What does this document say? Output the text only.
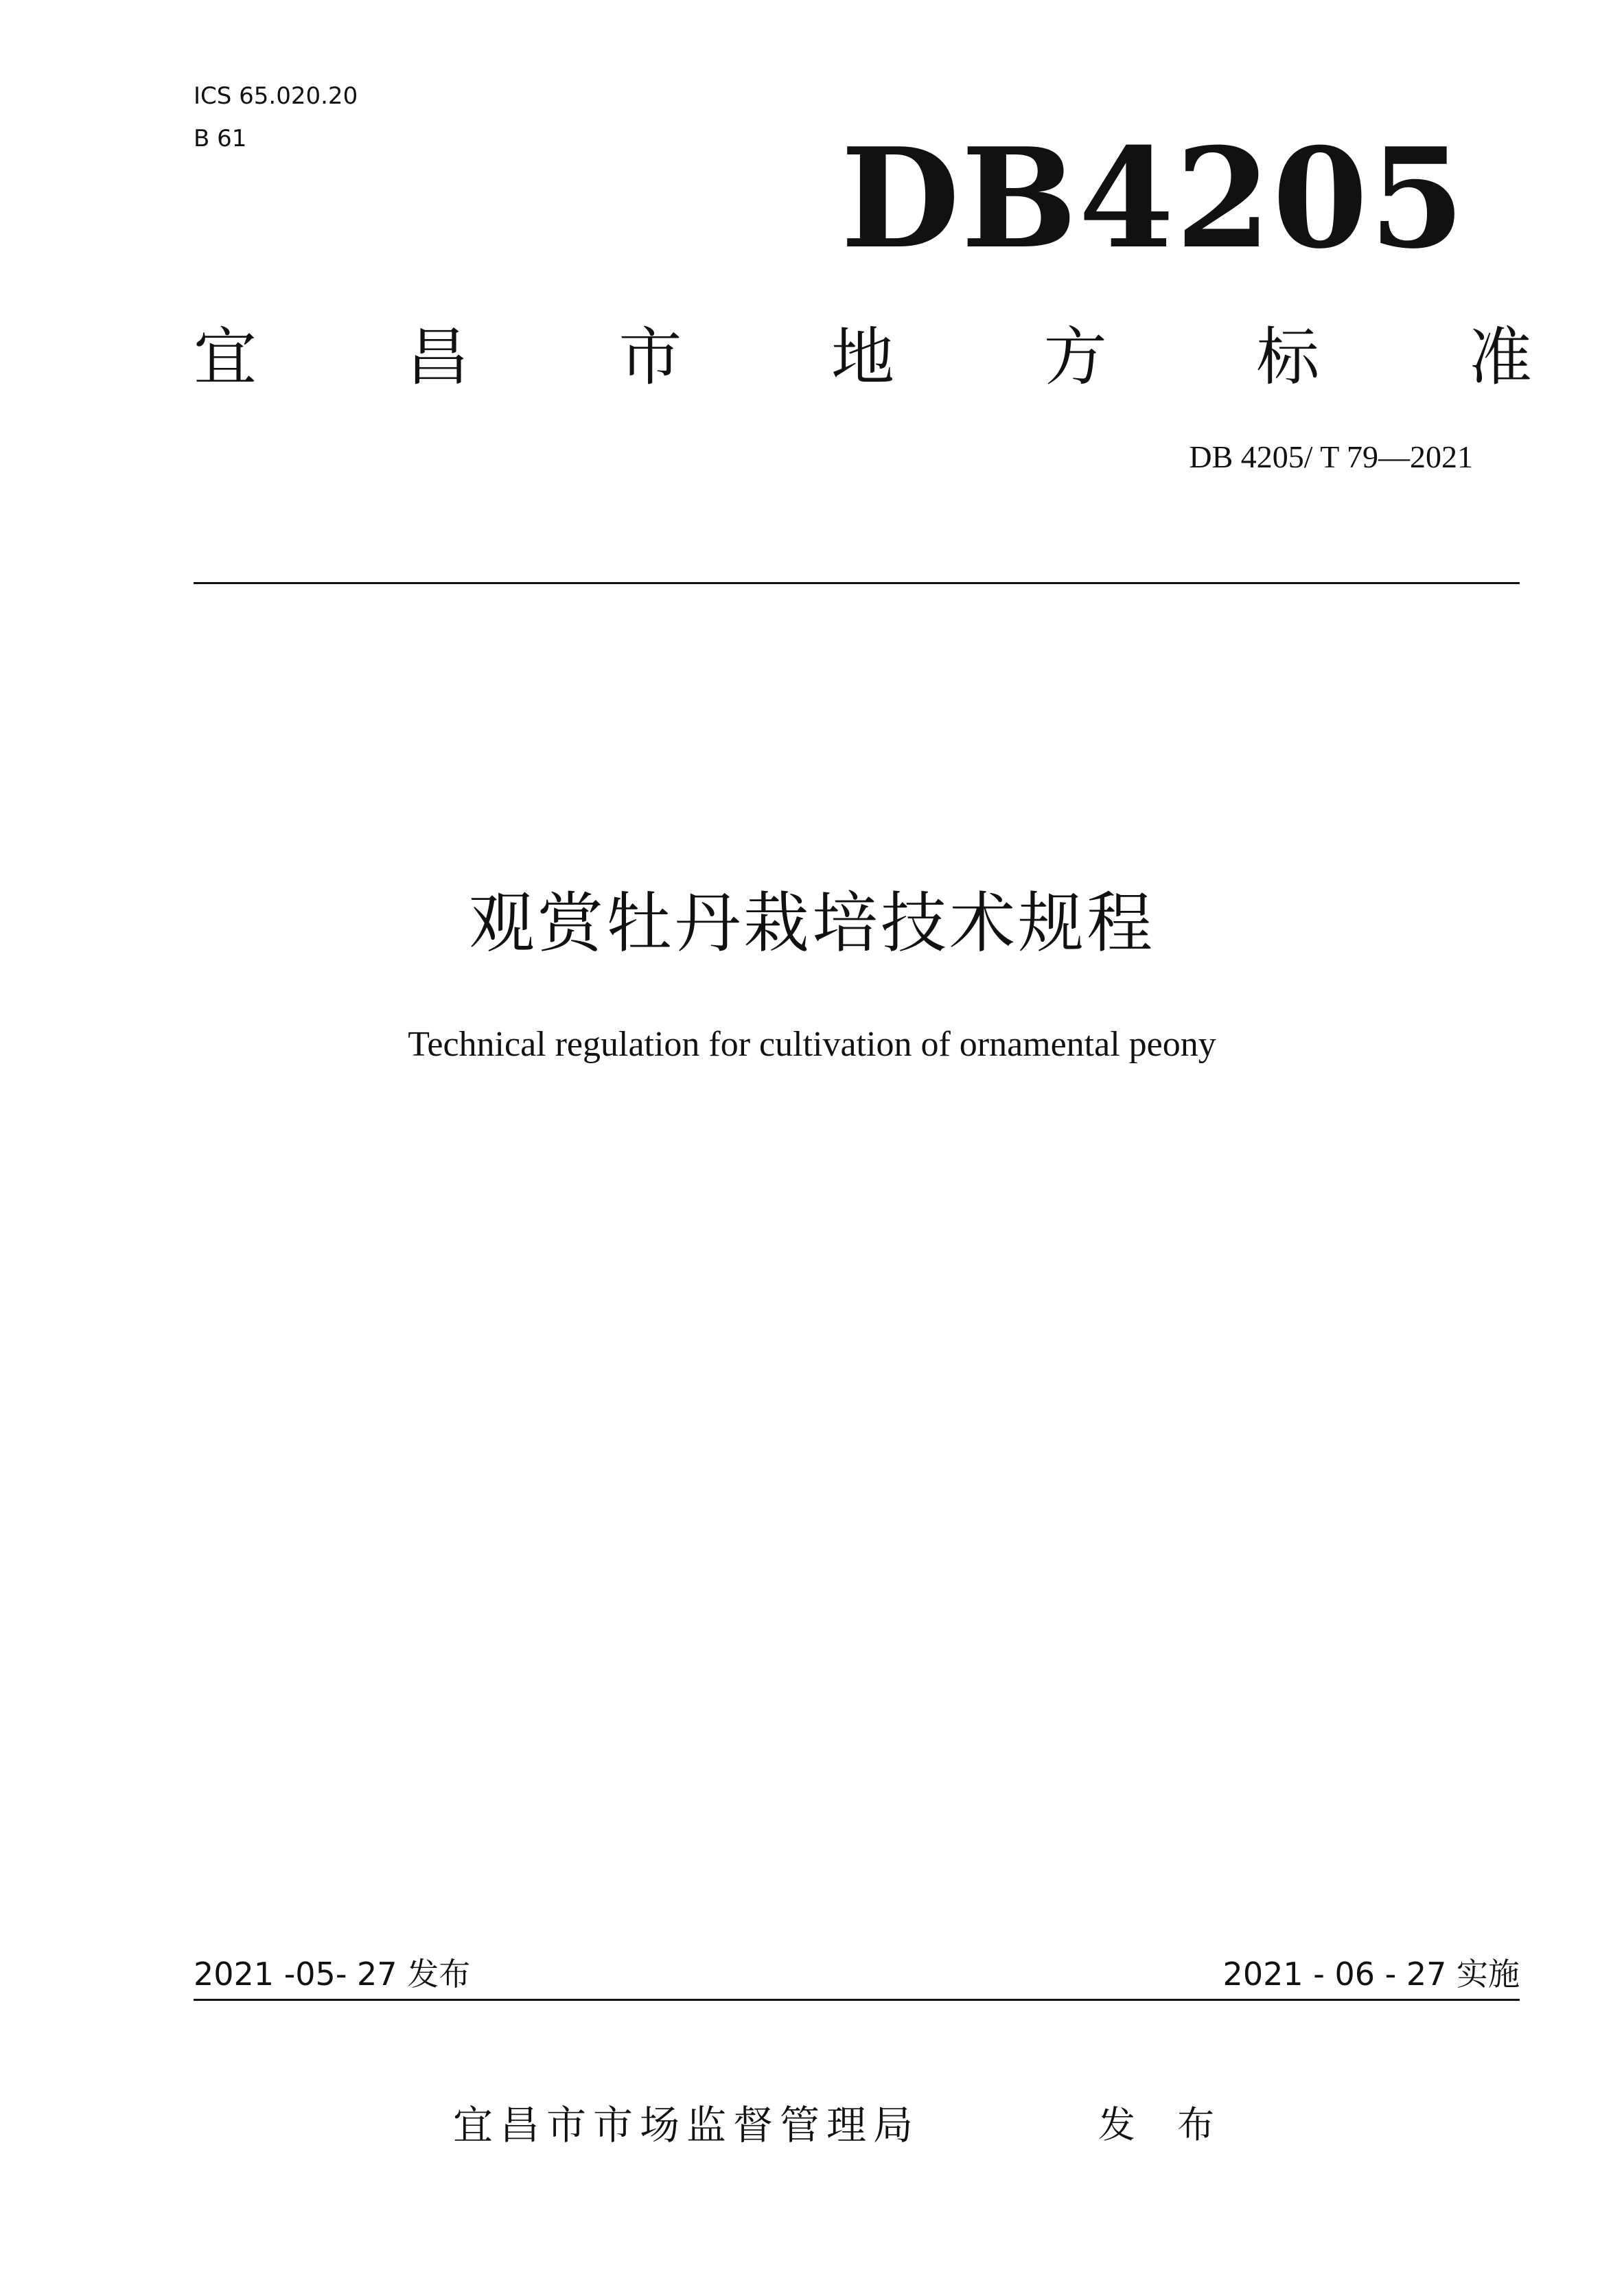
ICS 65.020.20
B 61	DB4205
宜 昌 市 地 方 标 准
DB 4205/ T 79—2021
观赏牡丹栽培技术规程
Technical regulation for cultivation of ornamental peony
2021 -05- 27 发布	2021 - 06 - 27 实施
宜昌市市场监督管理局	发 布
